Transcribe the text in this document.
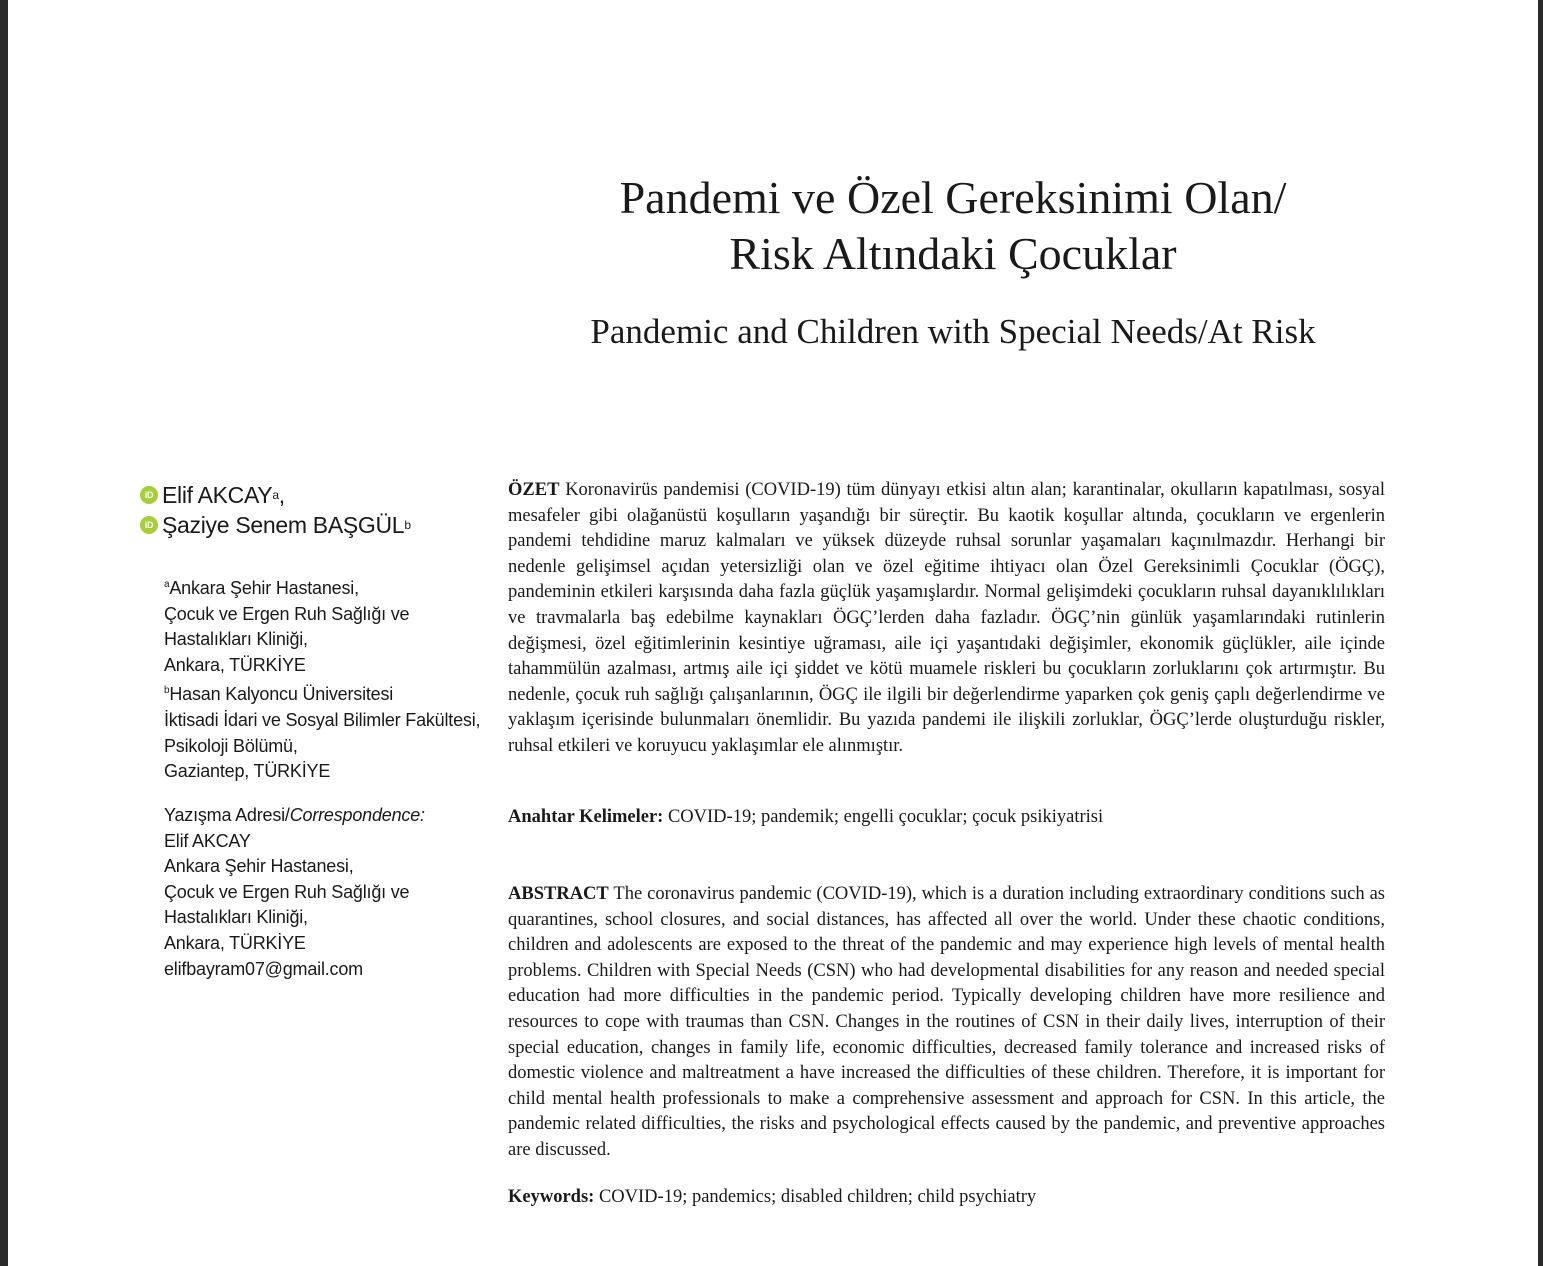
Pandemi ve Özel Gereksinimi Olan/
Risk Altındaki Çocuklar
Pandemic and Children with Special Needs/At Risk
iD Elif AKCAY a ,
iD Şaziye Senem BAŞGÜL b
$^a$Ankara Şehir Hastanesi,
Çocuk ve Ergen Ruh Sağlığı ve
Hastalıkları Kliniği,
Ankara, TÜRKİYE
$^b$Hasan Kalyoncu Üniversitesi
İktisadi İdari ve Sosyal Bilimler Fakültesi,
Psikoloji Bölümü,
Gaziantep, TÜRKİYE
Yazışma Adresi/Correspondence:
Elif AKCAY
Ankara Şehir Hastanesi,
Çocuk ve Ergen Ruh Sağlığı ve
Hastalıkları Kliniği,
Ankara, TÜRKİYE
elifbayram07@gmail.com

ÖZET Koronavirüs pandemisi (COVID-19) tüm dünyayı etkisi altın alan; karantinalar, okulların kapatılması, sosyal mesafeler gibi olağanüstü koşulların yaşandığı bir süreçtir. Bu kaotik koşullar altında, çocukların ve ergenlerin pandemi tehdidine maruz kalmaları ve yüksek düzeyde ruhsal sorunlar yaşamaları kaçınılmazdır. Herhangi bir nedenle gelişimsel açıdan yetersizliği olan ve özel eğitime ihtiyacı olan Özel Gereksinimli Çocuklar (ÖGÇ), pandeminin etkileri karşısında daha fazla güçlük yaşamışlardır. Normal gelişimdeki çocukların ruhsal dayanıklılıkları ve travmalarla baş edebilme kaynakları ÖGÇ’lerden daha fazladır. ÖGÇ’nin günlük yaşamlarındaki rutinlerin değişmesi, özel eğitimlerinin kesintiye uğraması, aile içi yaşantıdaki değişimler, ekonomik güçlükler, aile içinde tahammülün azalması, artmış aile içi şiddet ve kötü muamele riskleri bu çocukların zorluklarını çok artırmıştır. Bu nedenle, çocuk ruh sağlığı çalışanlarının, ÖGÇ ile ilgili bir değerlendirme yaparken çok geniş çaplı değerlendirme ve yaklaşım içerisinde bulunmaları önemlidir. Bu yazıda pandemi ile ilişkili zorluklar, ÖGÇ’lerde oluşturduğu riskler, ruhsal etkileri ve koruyucu yaklaşımlar ele alınmıştır.

Anahtar Kelimeler: COVID-19; pandemik; engelli çocuklar; çocuk psikiyatrisi

ABSTRACT The coronavirus pandemic (COVID-19), which is a duration including extraordinary conditions such as quarantines, school closures, and social distances, has affected all over the world. Under these chaotic conditions, children and adolescents are exposed to the threat of the pandemic and may experience high levels of mental health problems. Children with Special Needs (CSN) who had developmental disabilities for any reason and needed special education had more difficulties in the pandemic period. Typically developing children have more resilience and resources to cope with traumas than CSN. Changes in the routines of CSN in their daily lives, interruption of their special education, changes in family life, economic difficulties, decreased family tolerance and increased risks of domestic violence and maltreatment a have increased the difficulties of these children. Therefore, it is important for child mental health professionals to make a comprehensive assessment and approach for CSN. In this article, the pandemic related difficulties, the risks and psychological effects caused by the pandemic, and preventive approaches are discussed.

Keywords: COVID-19; pandemics; disabled children; child psychiatry
